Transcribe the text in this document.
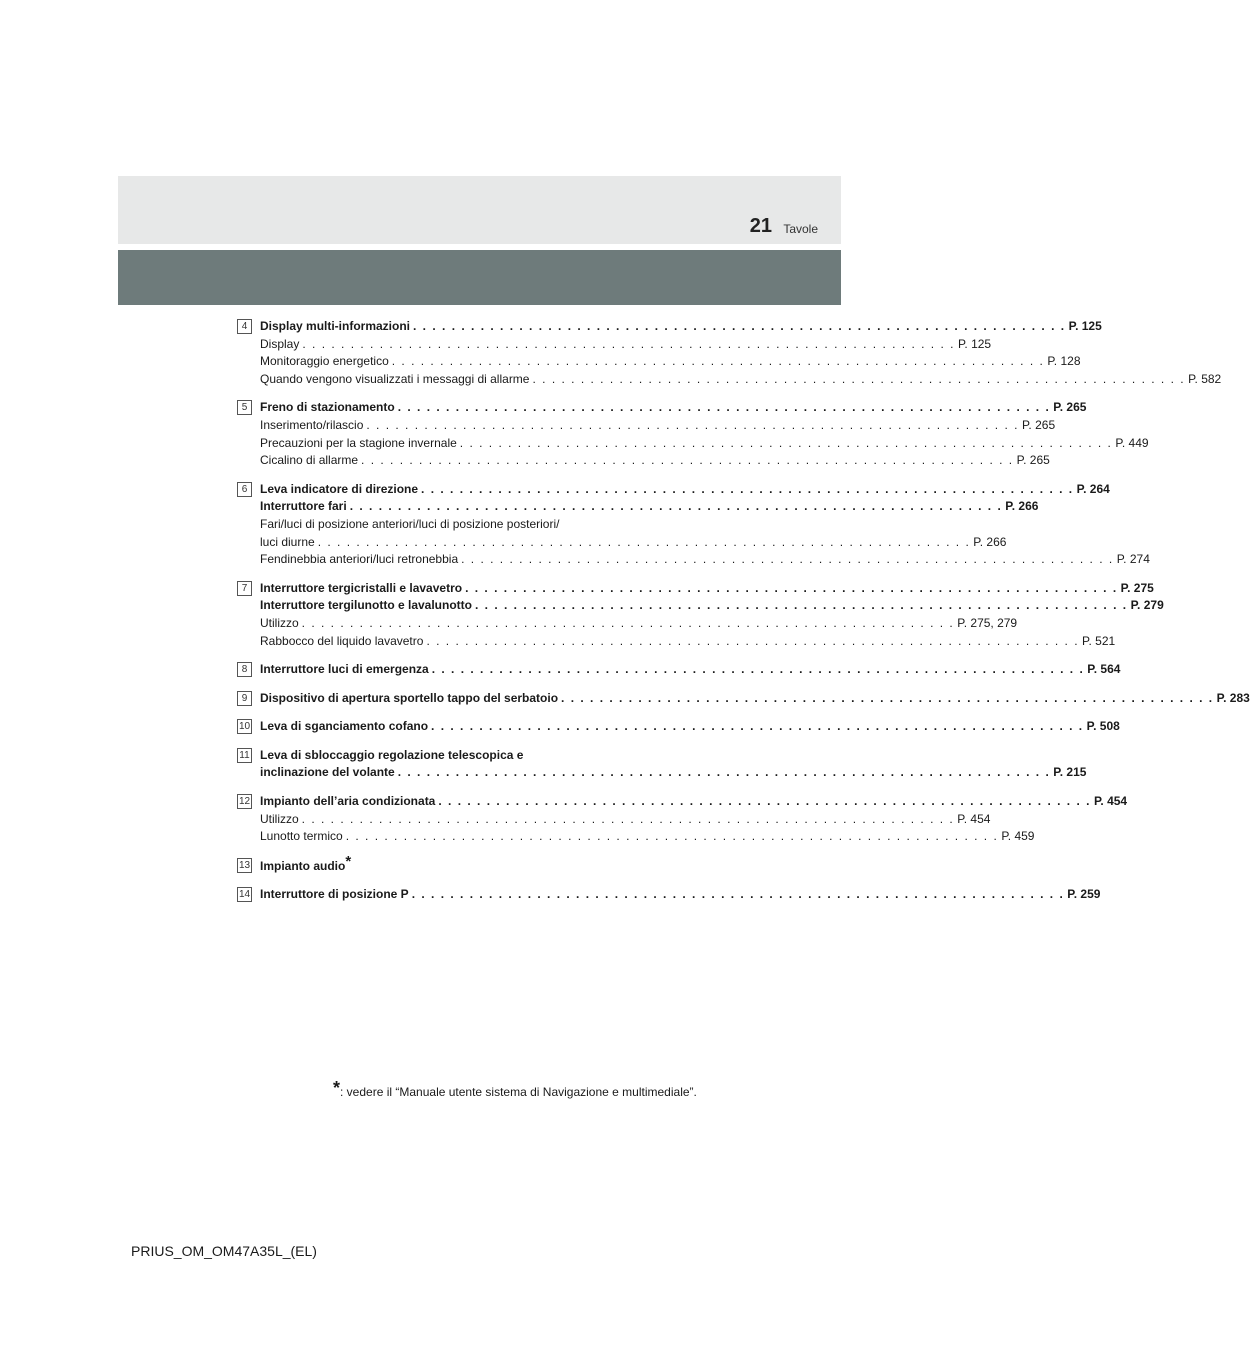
21 Tavole
4	Display multi-informazioni . . . . . . . . . . . . . . . . . . . . . . . . . . . . . . . . . . . . . . . . . . . . . . . . . . . . . . . . . . . . . . . . . . . . P. 125
Display . . . . . . . . . . . . . . . . . . . . . . . . . . . . . . . . . . . . . . . . . . . . . . . . . . . . . . . . . . . . . . . . . . . . P. 125
Monitoraggio energetico . . . . . . . . . . . . . . . . . . . . . . . . . . . . . . . . . . . . . . . . . . . . . . . . . . . . . . . . . . . . . . . . . . . . P. 128
Quando vengono visualizzati i messaggi di allarme . . . . . . . . . . . . . . . . . . . . . . . . . . . . . . . . . . . . . . . . . . . . . . . . . . . . . . . . . . . . . . . . . . . . P. 582
5	Freno di stazionamento . . . . . . . . . . . . . . . . . . . . . . . . . . . . . . . . . . . . . . . . . . . . . . . . . . . . . . . . . . . . . . . . . . . . P. 265
Inserimento/rilascio . . . . . . . . . . . . . . . . . . . . . . . . . . . . . . . . . . . . . . . . . . . . . . . . . . . . . . . . . . . . . . . . . . . . P. 265
Precauzioni per la stagione invernale . . . . . . . . . . . . . . . . . . . . . . . . . . . . . . . . . . . . . . . . . . . . . . . . . . . . . . . . . . . . . . . . . . . . P. 449
Cicalino di allarme . . . . . . . . . . . . . . . . . . . . . . . . . . . . . . . . . . . . . . . . . . . . . . . . . . . . . . . . . . . . . . . . . . . . P. 265
6	Leva indicatore di direzione . . . . . . . . . . . . . . . . . . . . . . . . . . . . . . . . . . . . . . . . . . . . . . . . . . . . . . . . . . . . . . . . . . . . P. 264
Interruttore fari . . . . . . . . . . . . . . . . . . . . . . . . . . . . . . . . . . . . . . . . . . . . . . . . . . . . . . . . . . . . . . . . . . . . P. 266
Fari/luci di posizione anteriori/luci di posizione posteriori/
luci diurne . . . . . . . . . . . . . . . . . . . . . . . . . . . . . . . . . . . . . . . . . . . . . . . . . . . . . . . . . . . . . . . . . . . . P. 266
Fendinebbia anteriori/luci retronebbia . . . . . . . . . . . . . . . . . . . . . . . . . . . . . . . . . . . . . . . . . . . . . . . . . . . . . . . . . . . . . . . . . . . . P. 274
7	Interruttore tergicristalli e lavavetro . . . . . . . . . . . . . . . . . . . . . . . . . . . . . . . . . . . . . . . . . . . . . . . . . . . . . . . . . . . . . . . . . . . . P. 275
Interruttore tergilunotto e lavalunotto . . . . . . . . . . . . . . . . . . . . . . . . . . . . . . . . . . . . . . . . . . . . . . . . . . . . . . . . . . . . . . . . . . . . P. 279
Utilizzo . . . . . . . . . . . . . . . . . . . . . . . . . . . . . . . . . . . . . . . . . . . . . . . . . . . . . . . . . . . . . . . . . . . . P. 275, 279
Rabbocco del liquido lavavetro . . . . . . . . . . . . . . . . . . . . . . . . . . . . . . . . . . . . . . . . . . . . . . . . . . . . . . . . . . . . . . . . . . . . P. 521
8	Interruttore luci di emergenza . . . . . . . . . . . . . . . . . . . . . . . . . . . . . . . . . . . . . . . . . . . . . . . . . . . . . . . . . . . . . . . . . . . . P. 564
9	Dispositivo di apertura sportello tappo del serbatoio . . . . . . . . . . . . . . . . . . . . . . . . . . . . . . . . . . . . . . . . . . . . . . . . . . . . . . . . . . . . . . . . . . . . P. 283
10 Leva di sganciamento cofano . . . . . . . . . . . . . . . . . . . . . . . . . . . . . . . . . . . . . . . . . . . . . . . . . . . . . . . . . . . . . . . . . . . . P. 508
11 Leva di sbloccaggio regolazione telescopica e
inclinazione del volante . . . . . . . . . . . . . . . . . . . . . . . . . . . . . . . . . . . . . . . . . . . . . . . . . . . . . . . . . . . . . . . . . . . . P. 215
12 Impianto dell’aria condizionata . . . . . . . . . . . . . . . . . . . . . . . . . . . . . . . . . . . . . . . . . . . . . . . . . . . . . . . . . . . . . . . . . . . . P. 454
Utilizzo . . . . . . . . . . . . . . . . . . . . . . . . . . . . . . . . . . . . . . . . . . . . . . . . . . . . . . . . . . . . . . . . . . . . P. 454
Lunotto termico . . . . . . . . . . . . . . . . . . . . . . . . . . . . . . . . . . . . . . . . . . . . . . . . . . . . . . . . . . . . . . . . . . . . P. 459
13 Impianto audio *
14 Interruttore di posizione P . . . . . . . . . . . . . . . . . . . . . . . . . . . . . . . . . . . . . . . . . . . . . . . . . . . . . . . . . . . . . . . . . . . . P. 259
*: vedere il “Manuale utente sistema di Navigazione e multimediale”.
PRIUS_OM_OM47A35L_(EL)
